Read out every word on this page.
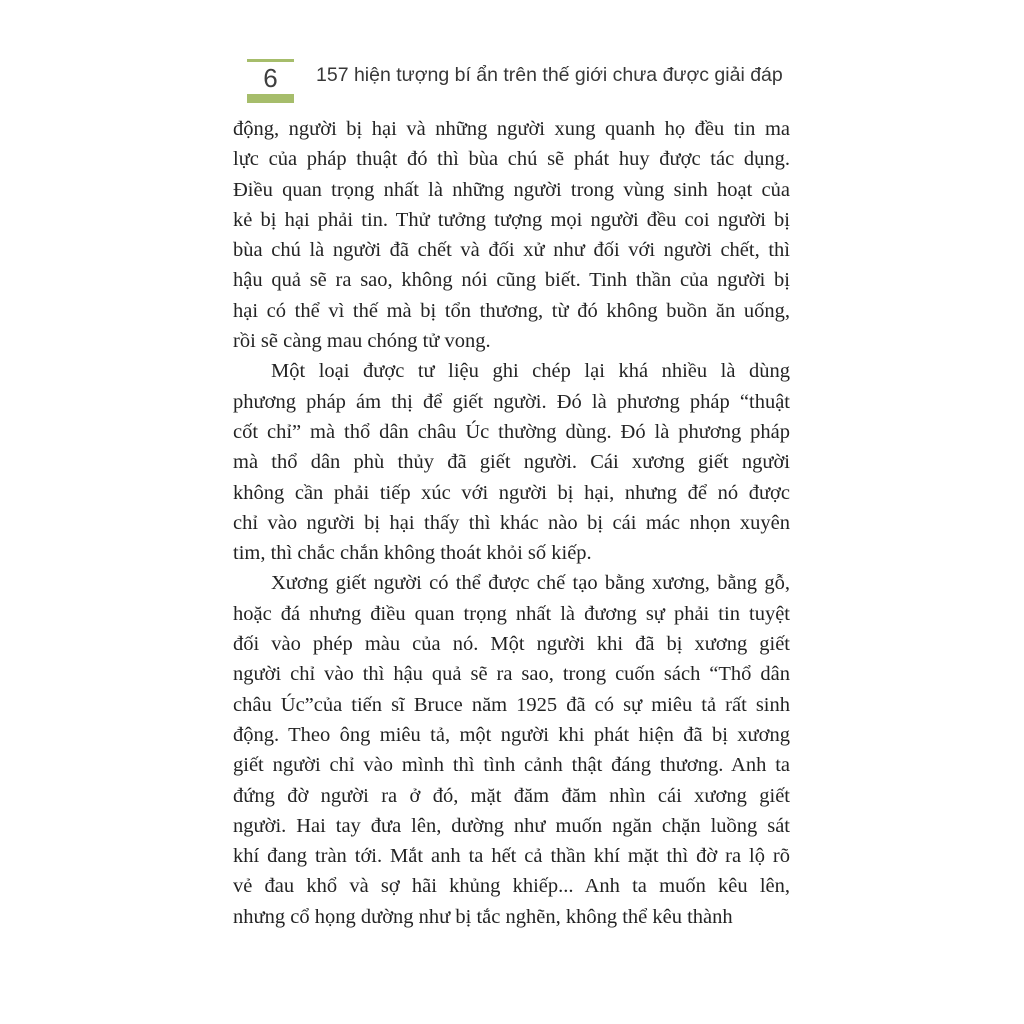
6	157 hiện tượng bí ẩn trên thế giới chưa được giải đáp
động, người bị hại và những người xung quanh họ đều tin ma
lực của pháp thuật đó thì bùa chú sẽ phát huy được tác dụng.
Điều quan trọng nhất là những người trong vùng sinh hoạt của
kẻ bị hại phải tin. Thử tưởng tượng mọi người đều coi người bị
bùa chú là người đã chết và đối xử như đối với người chết, thì
hậu quả sẽ ra sao, không nói cũng biết. Tinh thần của người bị
hại có thể vì thế mà bị tổn thương, từ đó không buồn ăn uống,
rồi sẽ càng mau chóng tử vong.
Một loại được tư liệu ghi chép lại khá nhiều là dùng
phương pháp ám thị để giết người. Đó là phương pháp “thuật
cốt chỉ” mà thổ dân châu Úc thường dùng. Đó là phương pháp
mà thổ dân phù thủy đã giết người. Cái xương giết người
không cần phải tiếp xúc với người bị hại, nhưng để nó được
chỉ vào người bị hại thấy thì khác nào bị cái mác nhọn xuyên
tim, thì chắc chắn không thoát khỏi số kiếp.
Xương giết người có thể được chế tạo bằng xương, bằng gỗ,
hoặc đá nhưng điều quan trọng nhất là đương sự phải tin tuyệt
đối vào phép màu của nó. Một người khi đã bị xương giết
người chỉ vào thì hậu quả sẽ ra sao, trong cuốn sách “Thổ dân
châu Úc”của tiến sĩ Bruce năm 1925 đã có sự miêu tả rất sinh
động. Theo ông miêu tả, một người khi phát hiện đã bị xương
giết người chỉ vào mình thì tình cảnh thật đáng thương. Anh ta
đứng đờ người ra ở đó, mặt đăm đăm nhìn cái xương giết
người. Hai tay đưa lên, dường như muốn ngăn chặn luồng sát
khí đang tràn tới. Mắt anh ta hết cả thần khí mặt thì đờ ra lộ rõ
vẻ đau khổ và sợ hãi khủng khiếp... Anh ta muốn kêu lên,
nhưng cổ họng dường như bị tắc nghẽn, không thể kêu thành
